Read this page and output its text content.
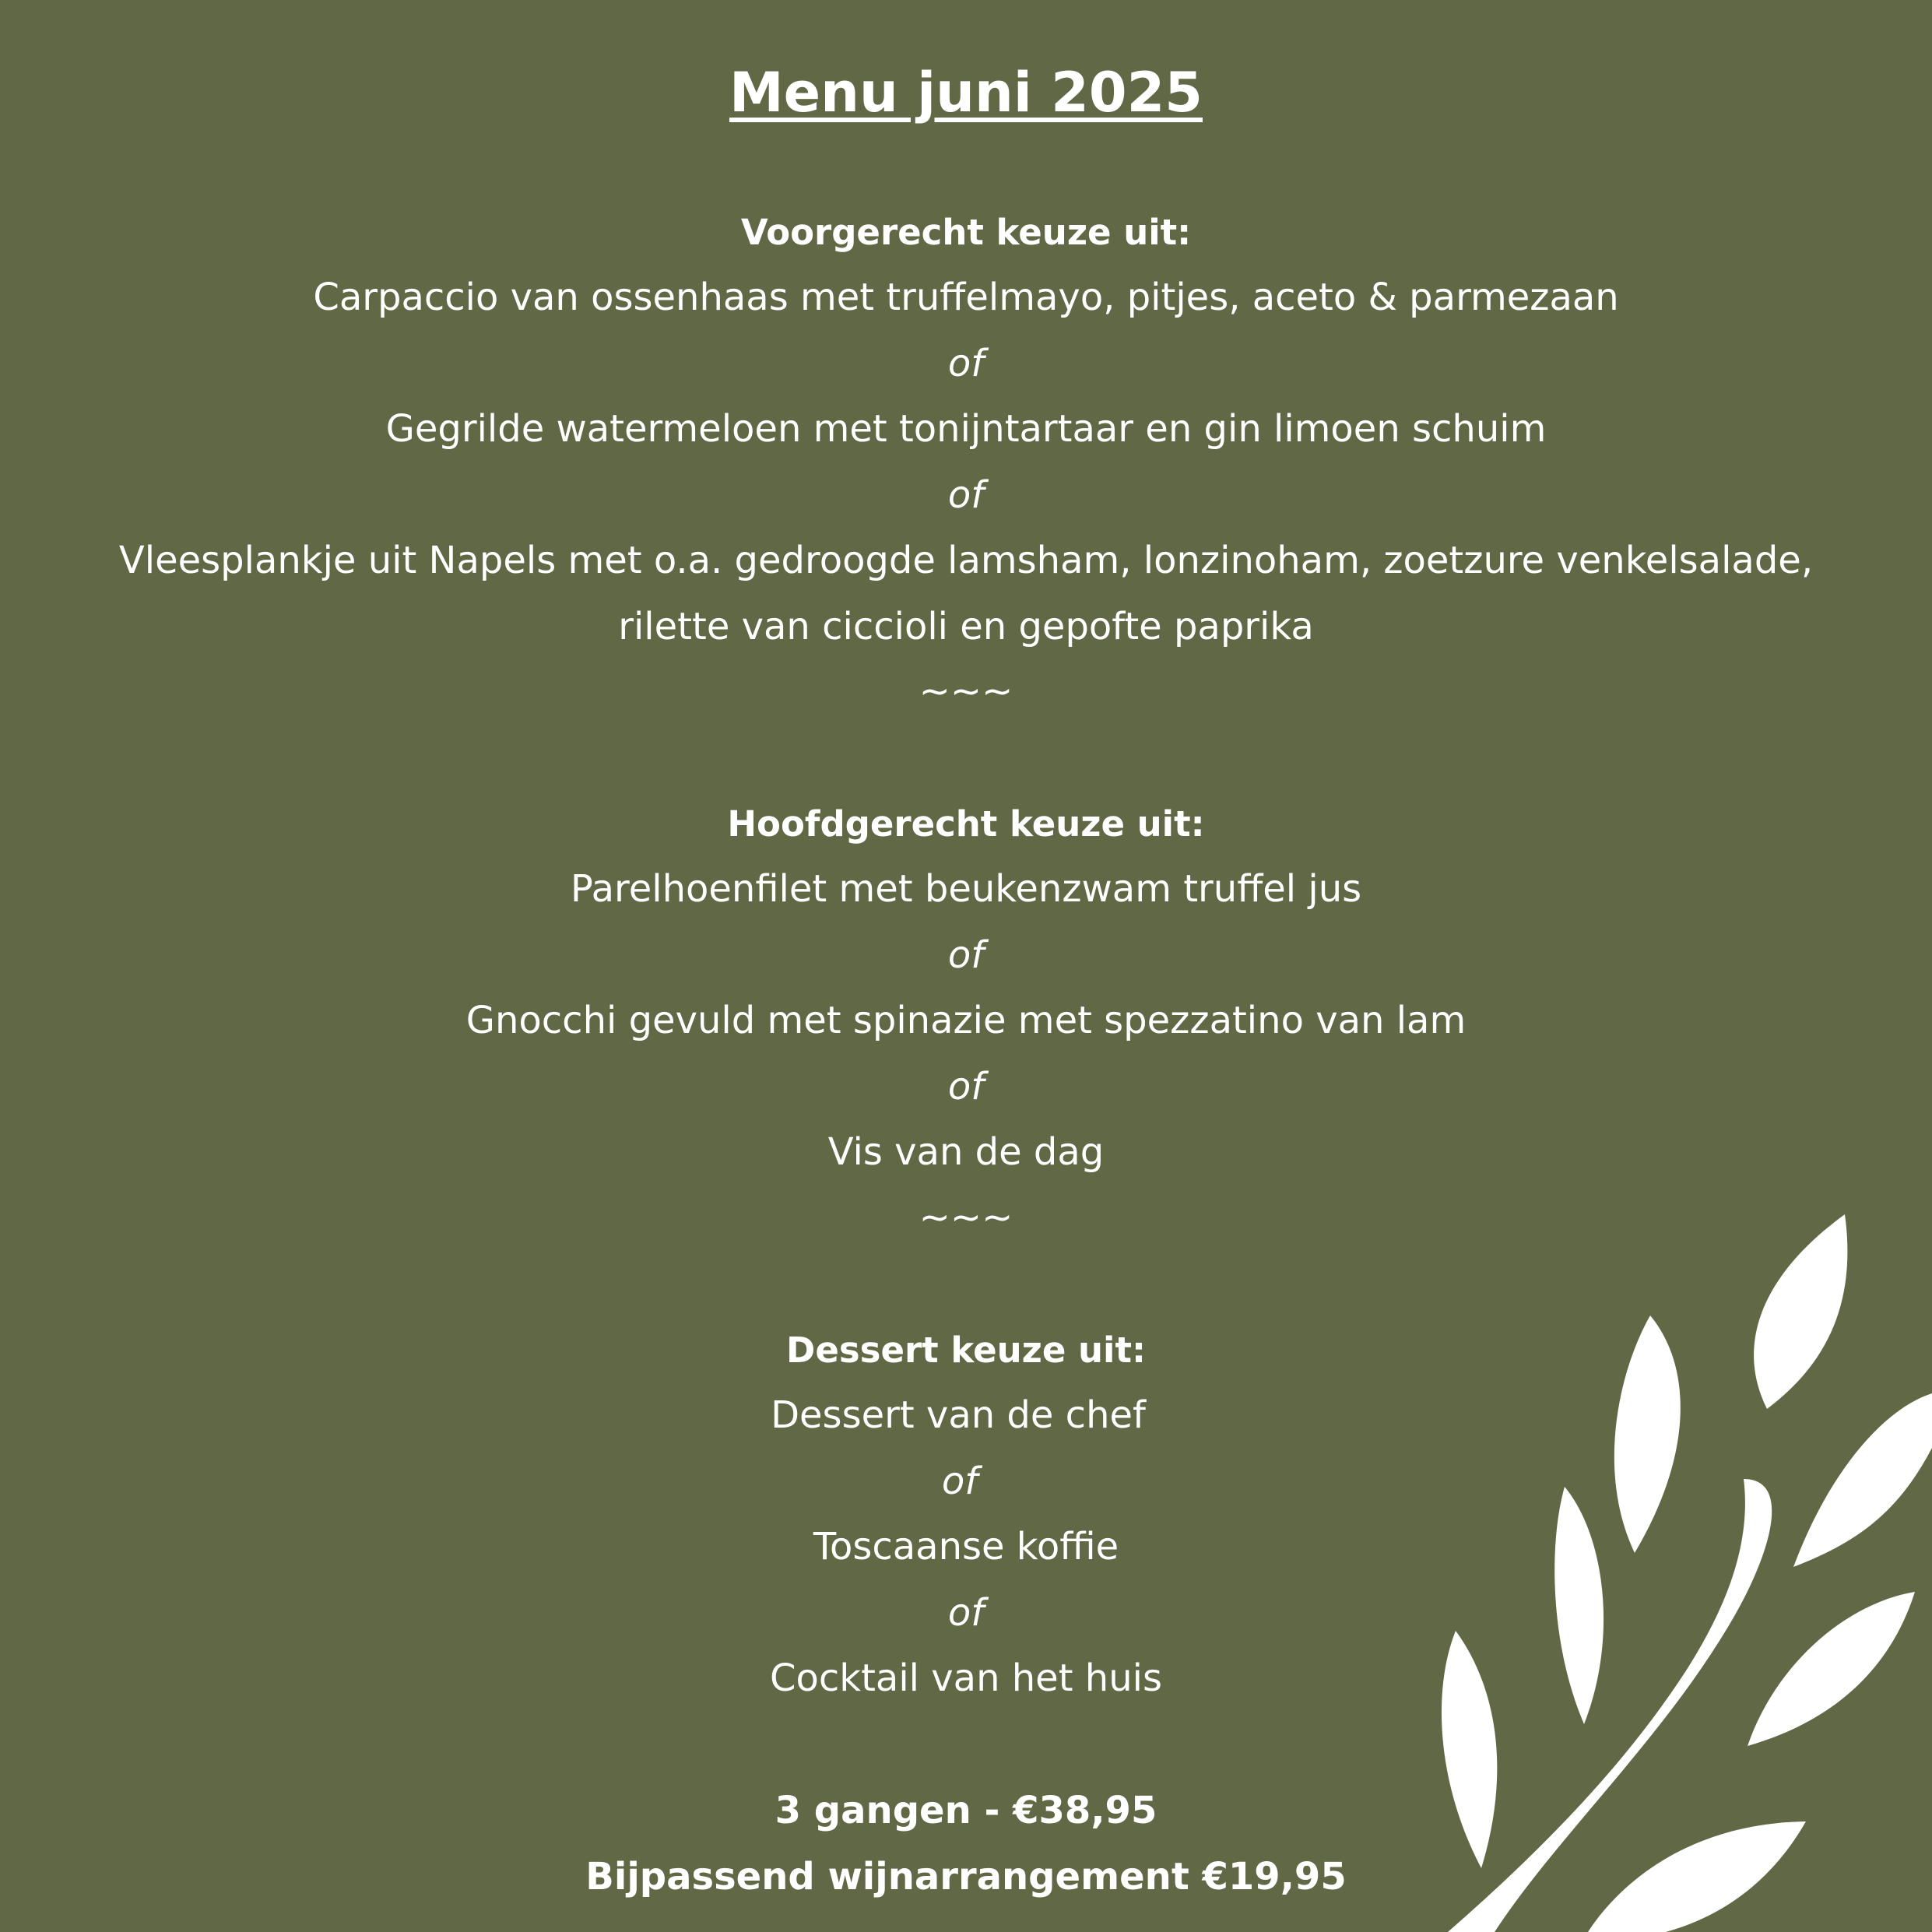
Menu juni 2025
Voorgerecht keuze uit:
Carpaccio van ossenhaas met truffelmayo, pitjes, aceto & parmezaan
of
Gegrilde watermeloen met tonijntartaar en gin limoen schuim
of
Vleesplankje uit Napels met o.a. gedroogde lamsham, lonzinoham, zoetzure venkelsalade,
rilette van ciccioli en gepofte paprika
~~~
Hoofdgerecht keuze uit:
Parelhoenfilet met beukenzwam truffel jus
of
Gnocchi gevuld met spinazie met spezzatino van lam
of
Vis van de dag
~~~
Dessert keuze uit:
Dessert van de chef
of
Toscaanse koffie
of
Cocktail van het huis
3 gangen - €38,95
Bijpassend wijnarrangement €19,95
